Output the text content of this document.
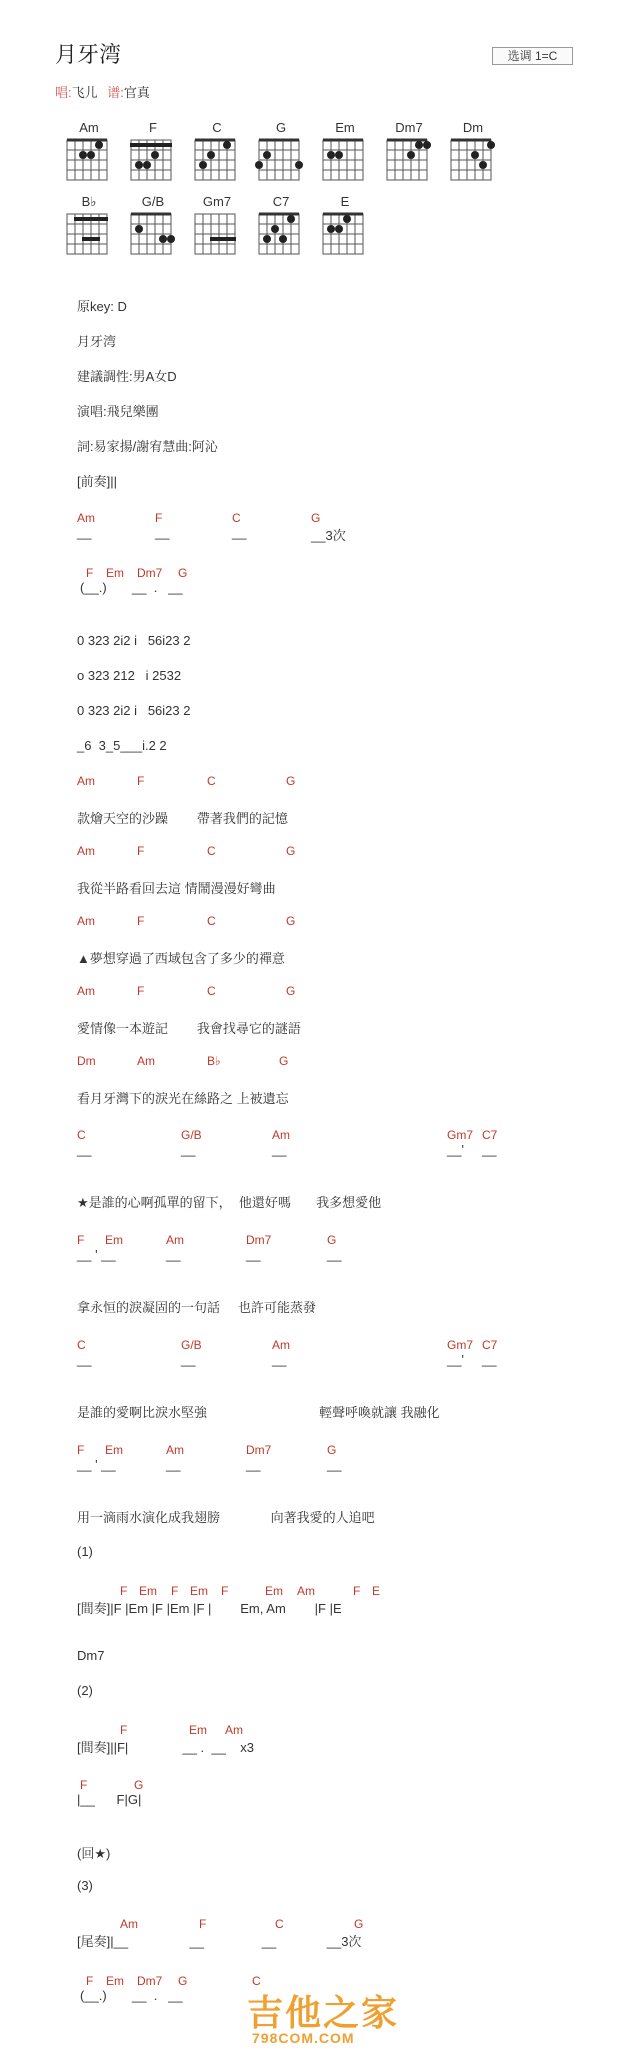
月牙湾	选调 1=C
唱:飞儿 谱:官真
Am	F	C	G	Em	Dm7	Dm
B♭	G/B	Gm7	C7	E
原key: D
月牙湾
建議調性:男A女D
演唱:飛兒樂團
詞:易家揚/謝宥慧曲:阿沁
[前奏]||
Am	F	C	G
__	__	__	__3次
F Em Dm7 G
(__.)       __  .   __
0 323 2i2 i   56i23 2
o 323 212   i 2532
0 323 2i2 i   56i23 2
_6  3_5___i.2 2
Am	F	C	G
款燴天空的沙躁        帶著我們的記憶
Am	F	C	G
我從半路看回去這 情鬧漫漫好彎曲
Am	F	C	G
▲夢想穿過了西域包含了多少的禪意
Am	F	C	G
愛情像一本遊記        我會找尋它的謎語
Dm	Am	B♭	G
看月牙灣下的淚光在絲路之 上被遺忘
C	G/B	Am	Gm7 C7
__	__	__	__' __
★是誰的心啊孤單的留下，  他還好嗎       我多想愛他
F Em	Am	Dm7	G
__ ' __	__	__	__
拿永恒的淚凝固的一句話     也許可能蒸發
C	G/B	Am	Gm7 C7
__	__	__	__' __
是誰的愛啊比淚水堅強                               輕聲呼喚就讓 我融化
F Em	Am	Dm7	G
__ ' __	__	__	__
用一滴雨水演化成我翅膀              向著我愛的人追吧
(1)
F Em F Em F	Em Am	F E
[間奏]|F |Em |F |Em |F |        Em, Am        |F |E
Dm7
(2)
F	Em Am
[間奏]||F|               __ .  __    x3
F	G
|__      F|G|
(回★)
(3)
Am	F	C	G
[尾奏]|__                 __                __              __3次
F Em Dm7 G	C
(__.)       __  .   __ 吉他之家
798COM.COM
